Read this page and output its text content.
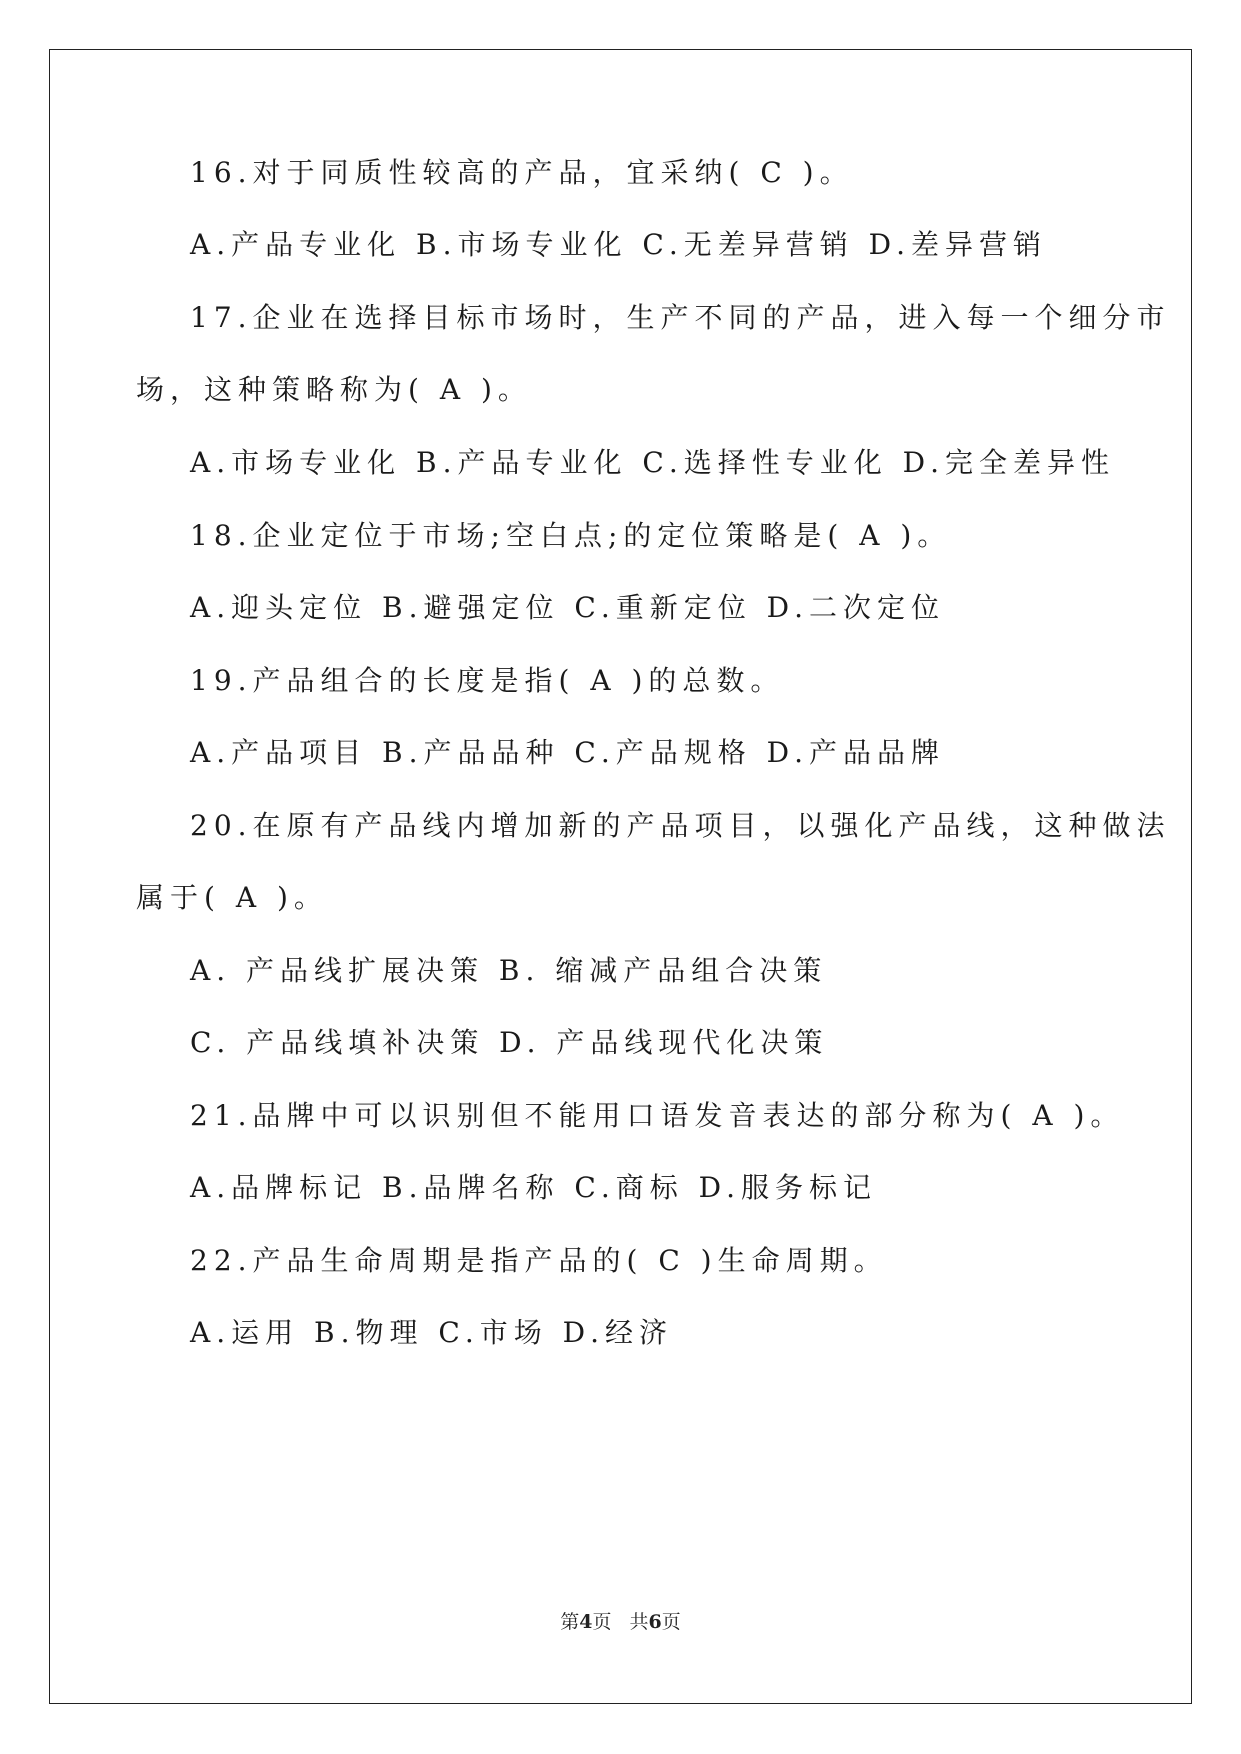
16.对于同质性较高的产品，宜采纳( C )。
A.产品专业化 B.市场专业化 C.无差异营销 D.差异营销
17.企业在选择目标市场时，生产不同的产品，进入每一个细分市
场，这种策略称为( A )。
A.市场专业化 B.产品专业化 C.选择性专业化 D.完全差异性
18.企业定位于市场;空白点;的定位策略是( A )。
A.迎头定位 B.避强定位 C.重新定位 D.二次定位
19.产品组合的长度是指( A )的总数。
A.产品项目 B.产品品种 C.产品规格 D.产品品牌
20.在原有产品线内增加新的产品项目，以强化产品线，这种做法
属于( A )。
A. 产品线扩展决策 B. 缩减产品组合决策
C. 产品线填补决策 D. 产品线现代化决策
21.品牌中可以识别但不能用口语发音表达的部分称为( A )。
A.品牌标记 B.品牌名称 C.商标 D.服务标记
22.产品生命周期是指产品的( C )生命周期。
A.运用 B.物理 C.市场 D.经济
第4页 共6页
